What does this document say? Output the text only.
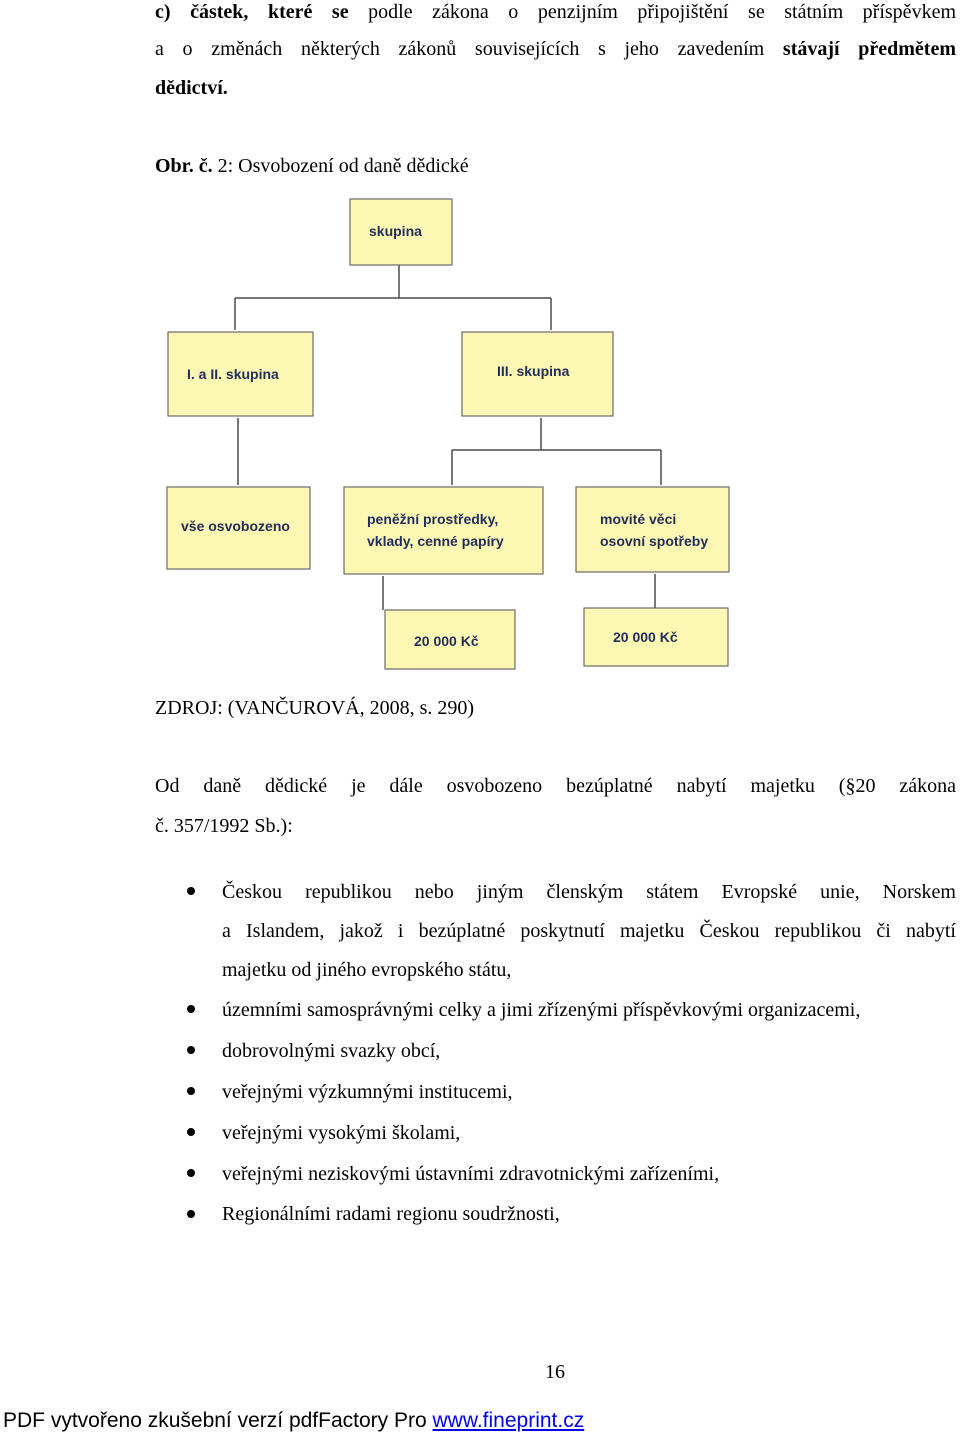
c) částek, které se podle zákona o penzijním připojištění se státním příspěvkem
a o změnách některých zákonů souvisejících s jeho zavedením stávají předmětem
dědictví.
Obr. č. 2: Osvobození od daně dědické
skupina
I. a II. skupina	III. skupina
vše osvobozeno	peněžní prostředky,
vklady, cenné papíry
movité věci
osovní spotřeby
20 000 Kč	20 000 Kč
ZDROJ: (VANČUROVÁ, 2008, s. 290)
Od daně dědické je dále osvobozeno bezúplatné nabytí majetku (§20 zákona
č. 357/1992 Sb.):
Českou republikou nebo jiným členským státem Evropské unie, Norskem
a Islandem, jakož i bezúplatné poskytnutí majetku Českou republikou či nabytí
majetku od jiného evropského státu,
územními samosprávnými celky a jimi zřízenými příspěvkovými organizacemi,
dobrovolnými svazky obcí,
veřejnými výzkumnými institucemi,
veřejnými vysokými školami,
veřejnými neziskovými ústavními zdravotnickými zařízeními,
Regionálními radami regionu soudržnosti,
16
PDF vytvořeno zkušební verzí pdfFactory Pro www.fineprint.cz
